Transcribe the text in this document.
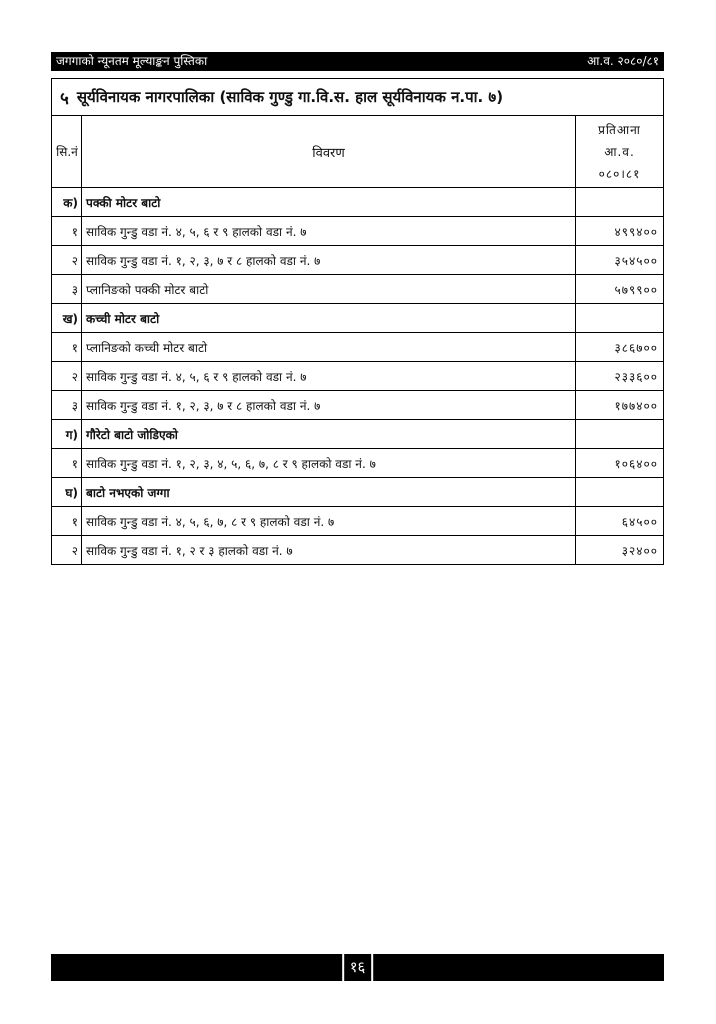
जगगाको न्यूनतम मूल्याङ्कन पुस्तिका	आ.व. २०८०/८१
५ सूर्यविनायक नागरपालिका (साविक गुण्डु गा.वि.स. हाल सूर्यविनायक न.पा. ७)
सि.नं	विवरण	प्रतिआना
आ.व.
०८०।८१

क)	पक्की मोटर बाटो	
१	साविक गुन्डु वडा नं. ४, ५, ६ र ९ हालको वडा नं. ७	४९९४००
२	साविक गुन्डु वडा नं. १, २, ३, ७ र ८ हालको वडा नं. ७	३५४५००
३	प्लानिङको पक्की मोटर बाटो	५७९९००
ख)	कच्ची मोटर बाटो	
१	प्लानिङको कच्ची मोटर बाटो	३८६७००
२	साविक गुन्डु वडा नं. ४, ५, ६ र ९ हालको वडा नं. ७	२३३६००
३	साविक गुन्डु वडा नं. १, २, ३, ७ र ८ हालको वडा नं. ७	१७७४००
ग)	गौरेटो बाटो जोडिएको	
१	साविक गुन्डु वडा नं. १, २, ३, ४, ५, ६, ७, ८ र ९ हालको वडा नं. ७	१०६४००
घ)	बाटो नभएको जग्गा	
१	साविक गुन्डु वडा नं. ४, ५, ६, ७, ८ र ९ हालको वडा नं. ७	६४५००
२	साविक गुन्डु वडा नं. १, २ र ३ हालको वडा नं. ७	३२४००
१६
